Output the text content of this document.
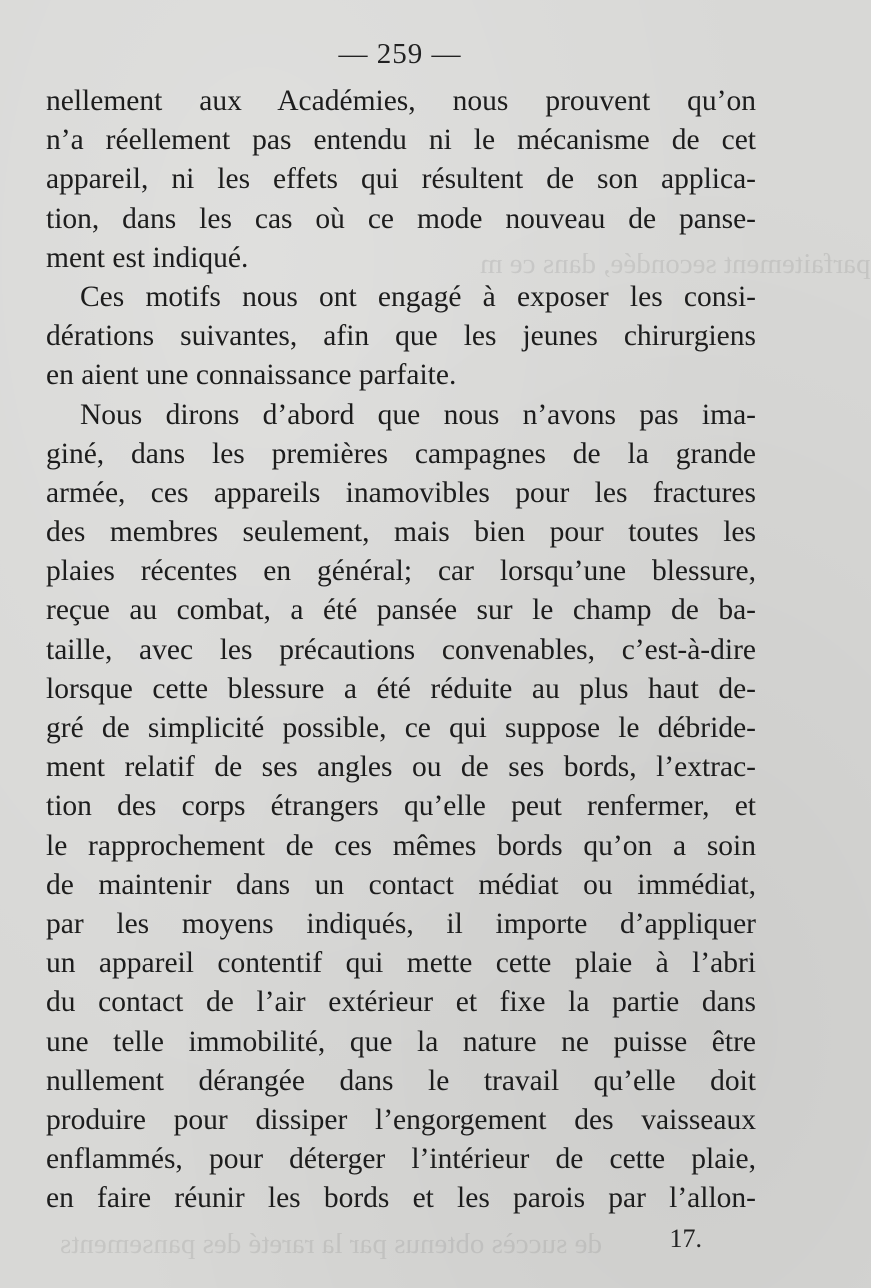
parfaitement secondée, dans ce m
de succès obtenus par la rareté des pansements
— 259 —
nellement aux Académies, nous prouvent qu’on
n’a réellement pas entendu ni le mécanisme de cet
appareil, ni les effets qui résultent de son applica-
tion, dans les cas où ce mode nouveau de panse-
ment est indiqué.
Ces motifs nous ont engagé à exposer les consi-
dérations suivantes, afin que les jeunes chirurgiens
en aient une connaissance parfaite.
Nous dirons d’abord que nous n’avons pas ima-
giné, dans les premières campagnes de la grande
armée, ces appareils inamovibles pour les fractures
des membres seulement, mais bien pour toutes les
plaies récentes en général; car lorsqu’une blessure,
reçue au combat, a été pansée sur le champ de ba-
taille, avec les précautions convenables, c’est-à-dire
lorsque cette blessure a été réduite au plus haut de-
gré de simplicité possible, ce qui suppose le débride-
ment relatif de ses angles ou de ses bords, l’extrac-
tion des corps étrangers qu’elle peut renfermer, et
le rapprochement de ces mêmes bords qu’on a soin
de maintenir dans un contact médiat ou immédiat,
par les moyens indiqués, il importe d’appliquer
un appareil contentif qui mette cette plaie à l’abri
du contact de l’air extérieur et fixe la partie dans
une telle immobilité, que la nature ne puisse être
nullement dérangée dans le travail qu’elle doit
produire pour dissiper l’engorgement des vaisseaux
enflammés, pour déterger l’intérieur de cette plaie,
en faire réunir les bords et les parois par l’allon-
17.
